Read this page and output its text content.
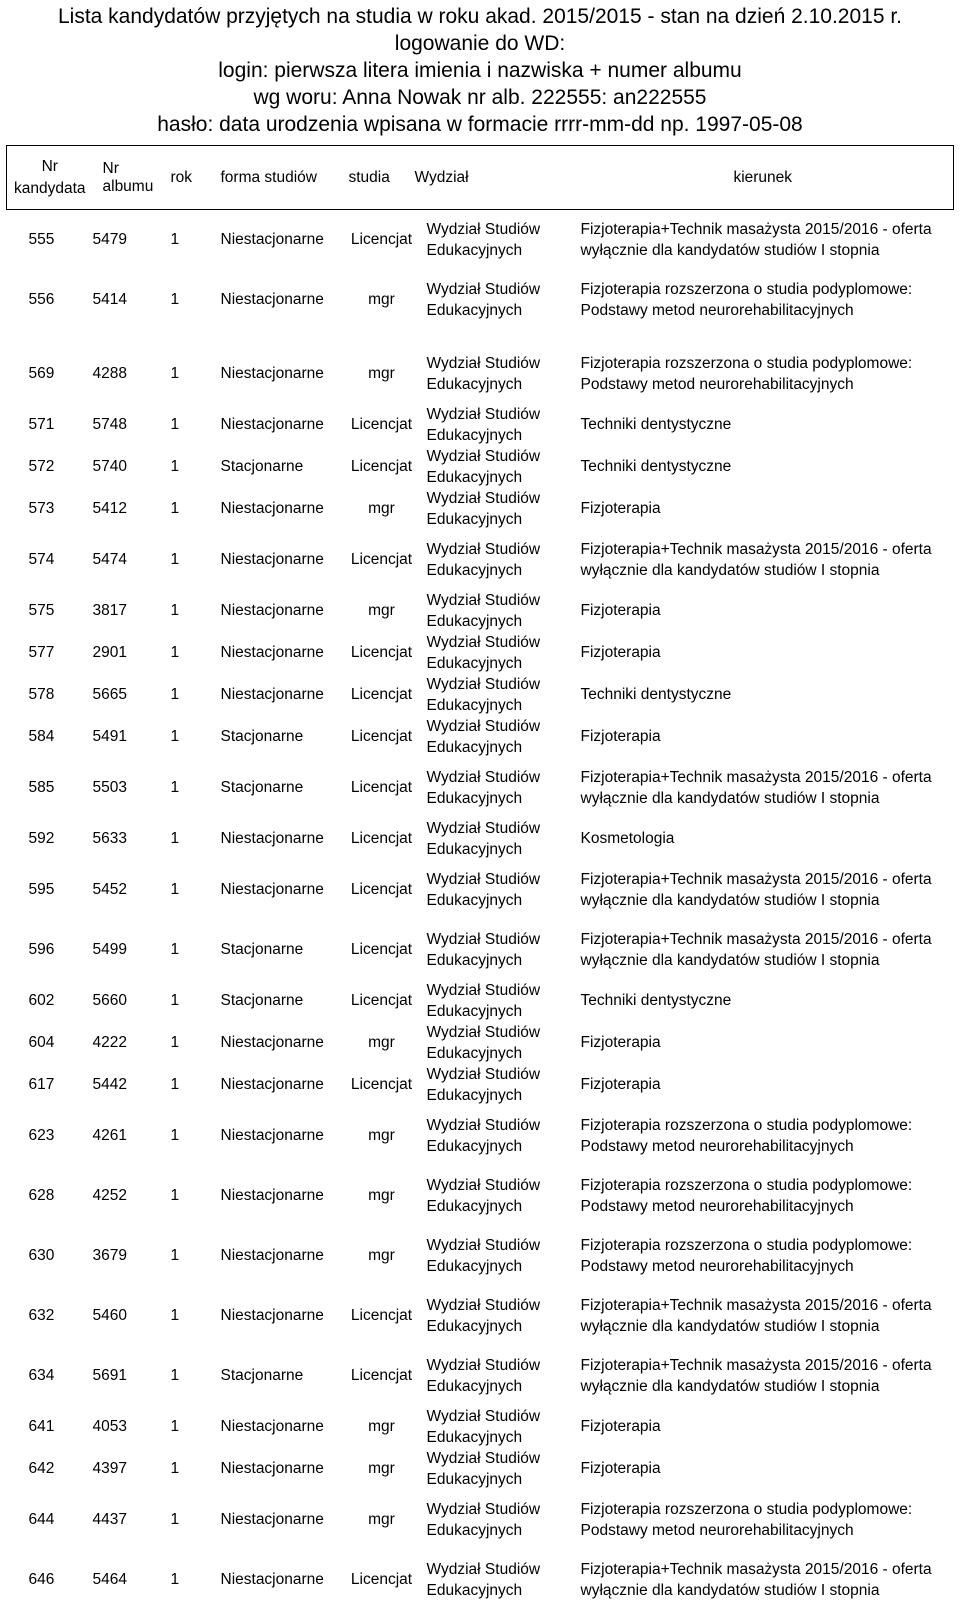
Lista kandydatów przyjętych na studia w roku akad. 2015/2015 - stan na dzień 2.10.2015 r.
logowanie do WD:
login: pierwsza litera imienia i nazwiska + numer albumu
wg woru: Anna Nowak nr alb. 222555: an222555
hasło: data urodzenia wpisana w formacie rrrr-mm-dd np. 1997-05-08
Nr kandydata	Nr albumu	rok	forma studiów	studia	Wydział	kierunek
555	5479	1	Niestacjonarne	Licencjat	Wydział Studiów Edukacyjnych	Fizjoterapia+Technik masażysta 2015/2016 - oferta wyłącznie dla kandydatów studiów I stopnia
556	5414	1	Niestacjonarne	mgr	Wydział Studiów Edukacyjnych	Fizjoterapia rozszerzona o studia podyplomowe: Podstawy metod neurorehabilitacyjnych

569	4288	1	Niestacjonarne	mgr	Wydział Studiów Edukacyjnych	Fizjoterapia rozszerzona o studia podyplomowe: Podstawy metod neurorehabilitacyjnych
571	5748	1	Niestacjonarne	Licencjat	Wydział Studiów Edukacyjnych	Techniki dentystyczne
572	5740	1	Stacjonarne	Licencjat	Wydział Studiów Edukacyjnych	Techniki dentystyczne
573	5412	1	Niestacjonarne	mgr	Wydział Studiów Edukacyjnych	Fizjoterapia
574	5474	1	Niestacjonarne	Licencjat	Wydział Studiów Edukacyjnych	Fizjoterapia+Technik masażysta 2015/2016 - oferta wyłącznie dla kandydatów studiów I stopnia
575	3817	1	Niestacjonarne	mgr	Wydział Studiów Edukacyjnych	Fizjoterapia
577	2901	1	Niestacjonarne	Licencjat	Wydział Studiów Edukacyjnych	Fizjoterapia
578	5665	1	Niestacjonarne	Licencjat	Wydział Studiów Edukacyjnych	Techniki dentystyczne
584	5491	1	Stacjonarne	Licencjat	Wydział Studiów Edukacyjnych	Fizjoterapia
585	5503	1	Stacjonarne	Licencjat	Wydział Studiów Edukacyjnych	Fizjoterapia+Technik masażysta 2015/2016 - oferta wyłącznie dla kandydatów studiów I stopnia
592	5633	1	Niestacjonarne	Licencjat	Wydział Studiów Edukacyjnych	Kosmetologia
595	5452	1	Niestacjonarne	Licencjat	Wydział Studiów Edukacyjnych	Fizjoterapia+Technik masażysta 2015/2016 - oferta wyłącznie dla kandydatów studiów I stopnia
596	5499	1	Stacjonarne	Licencjat	Wydział Studiów Edukacyjnych	Fizjoterapia+Technik masażysta 2015/2016 - oferta wyłącznie dla kandydatów studiów I stopnia
602	5660	1	Stacjonarne	Licencjat	Wydział Studiów Edukacyjnych	Techniki dentystyczne
604	4222	1	Niestacjonarne	mgr	Wydział Studiów Edukacyjnych	Fizjoterapia
617	5442	1	Niestacjonarne	Licencjat	Wydział Studiów Edukacyjnych	Fizjoterapia
623	4261	1	Niestacjonarne	mgr	Wydział Studiów Edukacyjnych	Fizjoterapia rozszerzona o studia podyplomowe: Podstawy metod neurorehabilitacyjnych
628	4252	1	Niestacjonarne	mgr	Wydział Studiów Edukacyjnych	Fizjoterapia rozszerzona o studia podyplomowe: Podstawy metod neurorehabilitacyjnych
630	3679	1	Niestacjonarne	mgr	Wydział Studiów Edukacyjnych	Fizjoterapia rozszerzona o studia podyplomowe: Podstawy metod neurorehabilitacyjnych
632	5460	1	Niestacjonarne	Licencjat	Wydział Studiów Edukacyjnych	Fizjoterapia+Technik masażysta 2015/2016 - oferta wyłącznie dla kandydatów studiów I stopnia
634	5691	1	Stacjonarne	Licencjat	Wydział Studiów Edukacyjnych	Fizjoterapia+Technik masażysta 2015/2016 - oferta wyłącznie dla kandydatów studiów I stopnia
641	4053	1	Niestacjonarne	mgr	Wydział Studiów Edukacyjnych	Fizjoterapia
642	4397	1	Niestacjonarne	mgr	Wydział Studiów Edukacyjnych	Fizjoterapia
644	4437	1	Niestacjonarne	mgr	Wydział Studiów Edukacyjnych	Fizjoterapia rozszerzona o studia podyplomowe: Podstawy metod neurorehabilitacyjnych
646	5464	1	Niestacjonarne	Licencjat	Wydział Studiów Edukacyjnych	Fizjoterapia+Technik masażysta 2015/2016 - oferta wyłącznie dla kandydatów studiów I stopnia
